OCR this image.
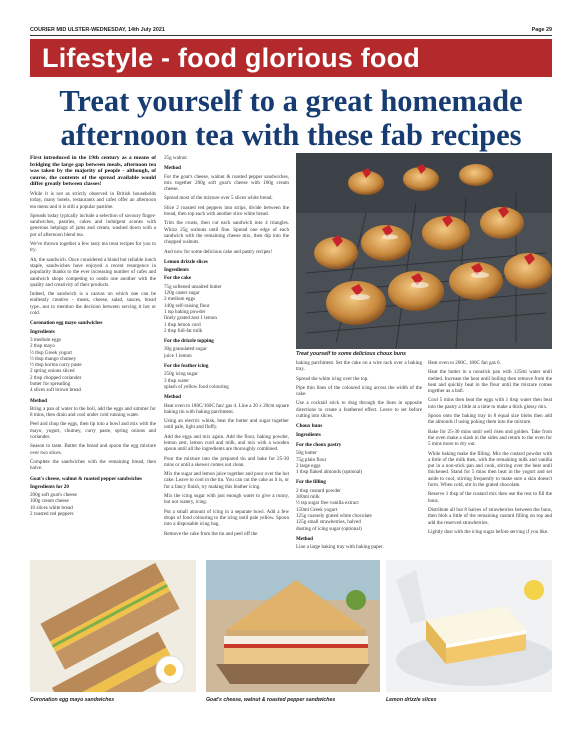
COURIER MID ULSTER-WEDNESDAY, 14th July 2021	Page 29
Lifestyle - food glorious food
Treat yourself to a great homemade
afternoon tea with these fab recipes

First introduced in the 19th century as a means of bridging the large gap between meals, afternoon tea was taken by the majority of people - although, of course, the contents of the spread available would differ greatly between classes!

While it is not as strictly observed in British households today, many hotels, restaurants and cafes offer an afternoon tea menu and it is still a popular pastime.

Spreads today typically include a selection of savoury finger-sandwiches, pastries, cakes and indulgent scones with generous helpings of jams and cream, washed down with a pot of afternoon blend tea.

We've thrown together a few tasty tea treat recipes for you to try.

Ah, the sandwich. Once considered a bland but reliable lunch staple, sandwiches have enjoyed a recent resurgence in popularity thanks to the ever increasing number of cafes and sandwich shops competing to outdo one another with the quality and creativity of their products.

Indeed, the sandwich is a canvas on which one can be endlessly creative - meats, cheese, salad, sauces, bread type...not to mention the decision between serving it hot or cold.

Coronation egg mayo sandwiches
Ingredients
3 medium eggs
2 tbsp mayo
½ tbsp Greek yogurt
½ tbsp mango chutney
½ tbsp korma curry paste
2 spring onions sliced
2 tbsp chopped coriander
butter for spreading
4 slices soft brown bread
Method

Bring a pan of water to the boil, add the eggs and simmer for 8 mins, then drain and cool under cold running water.

Peel and chop the eggs, then tip into a bowl and mix with the mayo, yogurt, chutney, curry paste, spring onions and coriander.

Season to taste. Butter the bread and spoon the egg mixture over two slices.

Complete the sandwiches with the remaining bread, then halve.

Goat's cheese, walnut & roasted pepper sandwiches
Ingredients for 20
200g soft goat's cheese
100g cream cheese
10 slices white bread
2 roasted red peppers

25g walnut

Method

For the goat's cheese, walnut & roasted pepper sandwiches, mix together 200g soft goat's cheese with 100g cream cheese.

Spread most of the mixture over 5 slices white bread.

Slice 2 roasted red peppers into strips, divide between the bread, then top each with another slice white bread.

Trim the crusts, then cut each sandwich into 4 triangles. Whizz 25g walnuts until fine. Spread one edge of each sandwich with the remaining cheese mix, then dip into the chopped walnuts.

And now for some delicious cake and pastry recipes!

Lemon drizzle slices
Ingredients
For the cake
75g softened unsalted butter
120g caster sugar
2 medium eggs
140g self-raising flour
1 tsp baking powder
finely grated zest 1 lemon
1 tbsp lemon curd
2 tbsp full-fat milk
For the drizzle topping
30g granulated sugar
juice 1 lemon
For the feather icing
250g icing sugar
3 tbsp water
splash of yellow food colouring
Method

Heat oven to 180C/160C fan/ gas 4. Line a 20 x 20cm square baking tin with baking parchment.

Using an electric whisk, beat the butter and sugar together until pale, light and fluffy.

Add the eggs and mix again. Add the flour, baking powder, lemon zest, lemon curd and milk, and mix with a wooden spoon until all the ingredients are thoroughly combined.

Pour the mixture into the prepared tin and bake for 25-30 mins or until a skewer comes out clean.

Mix the sugar and lemon juice together and pour over the hot cake. Leave to cool in the tin. You can cut the cake as it is, or for a fancy finish, try making this feather icing.

Mix the icing sugar with just enough water to give a runny, but not watery, icing.

Put a small amount of icing in a separate bowl. Add a few drops of food colouring to the icing until pale yellow. Spoon into a disposable icing bag.

Remove the cake from the tin and peel off the

Treat yourself to some delicious choux buns

baking parchment. Set the cake on a wire rack over a baking tray.

Spread the white icing over the top.

Pipe thin lines of the coloured icing across the width of the cake.

Use a cocktail stick to drag through the lines in opposite directions to create a feathered effect. Leave to set before cutting into slices.

Choux buns
Ingredients
For the choux pastry
50g butter
75g plain flour
2 large eggs
1 tbsp flaked almonds (optional)
For the filling
2 tbsp custard powder
300ml milk
½ tsp sugar free vanilla extract
150ml Greek yogurt
125g coarsely grated white chocolate
125g small strawberries, halved
dusting of icing sugar (optional)
Method

Line a large baking tray with baking paper.

Heat oven to 200C, 180C fan gas 6.

Heat the butter in a nonstick pan with 125ml water until melted. Increase the heat until boiling then remove from the heat and quickly beat in the flour until the mixture comes together as a ball.

Cool 5 mins then beat the eggs with 1 tbsp water then beat into the pastry a little at a time to make a thick glossy mix.

Spoon onto the baking tray in 8 equal size blobs then add the almonds if using poking them into the mixture.

Bake for 25-30 mins until well risen and golden. Take from the oven make a slash in the sides and return to the oven for 5 mins more to dry out.

While baking make the filling. Mix the custard powder with a little of the milk then, with the remaining milk and vanilla put in a non-stick pan and cook, stirring over the heat until thickened. Stand for 5 mins then beat in the yogurt and set aside to cool, stirring frequently to make sure a skin doesn't form. When cold, stir in the grated chocolate.

Reserve 1 tbsp of the custard mix then use the rest to fill the buns.

Distribute all but 8 halves of strawberries between the buns, then blob a little of the remaining custard filling on top and add the reserved strawberries.

Lightly dust with the icing sugar before serving if you like.

Coronation egg mayo sandwiches	Goat's cheese, walnut & roasted pepper sandwiches	Lemon drizzle slices
